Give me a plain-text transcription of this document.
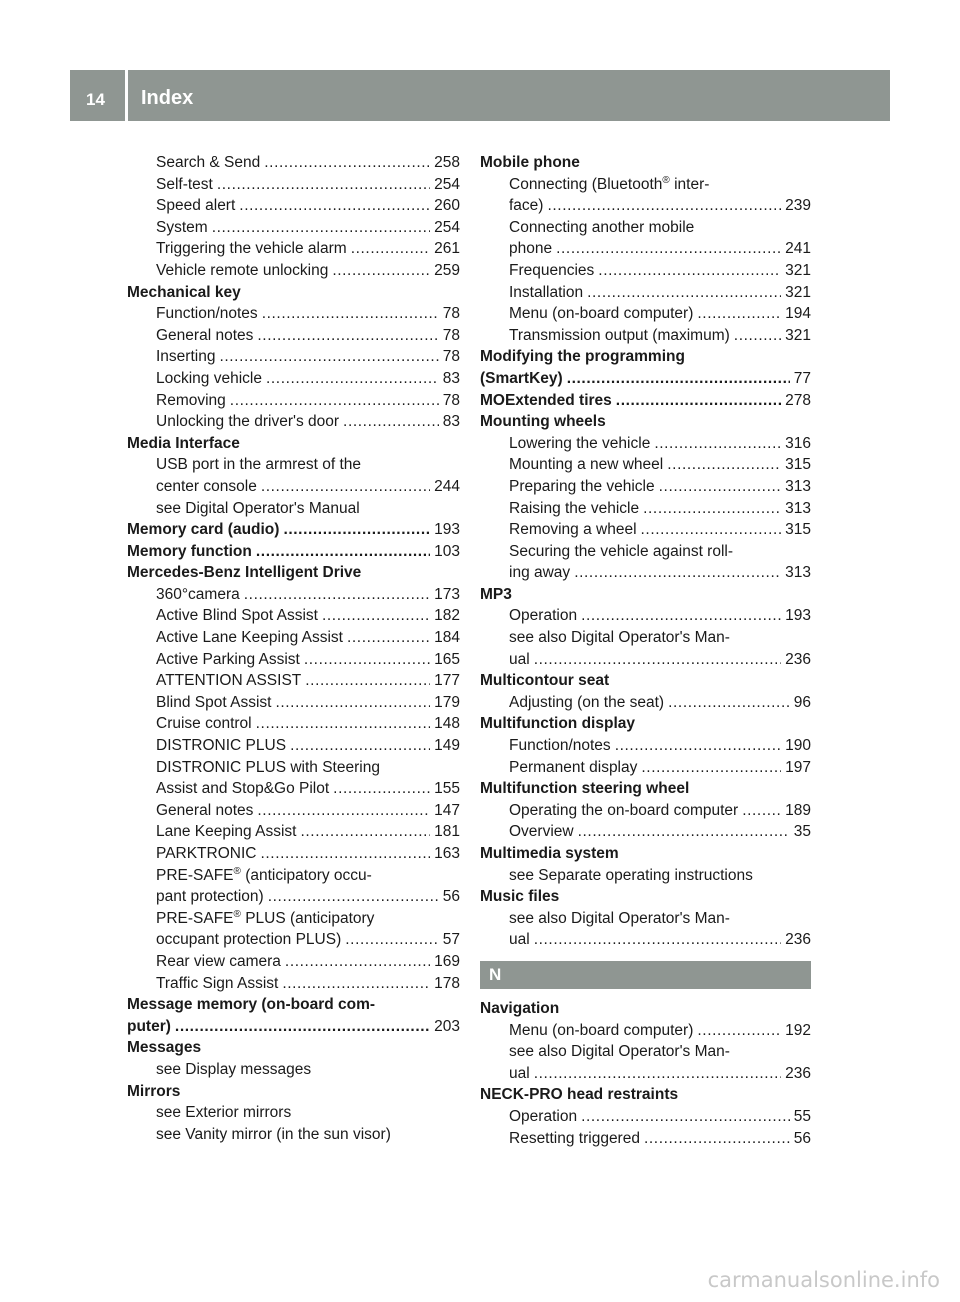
14 Index
Search & Send .....	258
Self-test .....	254
Speed alert .....	260
System .....	254
Triggering the vehicle alarm .....	261
Vehicle remote unlocking .....	259
Mechanical key
Function/notes .....	78
General notes .....	78
Inserting .....	78
Locking vehicle .....	83
Removing .....	78
Unlocking the driver's door .....	83
Media Interface
USB port in the armrest of the
center console .....	244
see Digital Operator's Manual
Memory card (audio) .....	193
Memory function .....	103
Mercedes-Benz Intelligent Drive
360°camera .....	173
Active Blind Spot Assist .....	182
Active Lane Keeping Assist .....	184
Active Parking Assist .....	165
ATTENTION ASSIST .....	177
Blind Spot Assist .....	179
Cruise control .....	148
DISTRONIC PLUS .....	149
DISTRONIC PLUS with Steering
Assist and Stop&Go Pilot .....	155
General notes .....	147
Lane Keeping Assist .....	181
PARKTRONIC .....	163
PRE-SAFE® (anticipatory occu-
pant protection) .....	56
PRE-SAFE® PLUS (anticipatory
occupant protection PLUS) .....	57
Rear view camera .....	169
Traffic Sign Assist .....	178
Message memory (on-board com-
puter) .....	203
Messages
see Display messages
Mirrors
see Exterior mirrors
see Vanity mirror (in the sun visor)
Mobile phone
Connecting (Bluetooth® inter-
face) .....	239
Connecting another mobile
phone .....	241
Frequencies .....	321
Installation .....	321
Menu (on-board computer) .....	194
Transmission output (maximum) .....	321
Modifying the programming
(SmartKey) .....	77
MOExtended tires .....	278
Mounting wheels
Lowering the vehicle .....	316
Mounting a new wheel .....	315
Preparing the vehicle .....	313
Raising the vehicle .....	313
Removing a wheel .....	315
Securing the vehicle against roll-
ing away .....	313
MP3
Operation .....	193
see also Digital Operator's Man-
ual .....	236
Multicontour seat
Adjusting (on the seat) .....	96
Multifunction display
Function/notes .....	190
Permanent display .....	197
Multifunction steering wheel
Operating the on-board computer .....	189
Overview .....	35
Multimedia system
see Separate operating instructions
Music files
see also Digital Operator's Man-
ual .....	236
N
Navigation
Menu (on-board computer) .....	192
see also Digital Operator's Man-
ual .....	236
NECK-PRO head restraints
Operation .....	55
Resetting triggered .....	56
carmanualsonline.info
